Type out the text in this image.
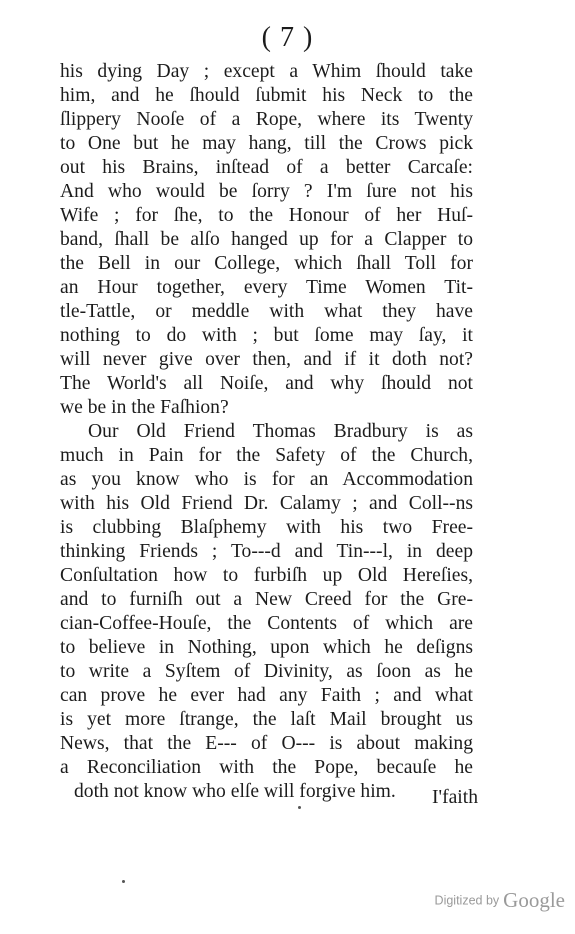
( 7 )
his dying Day ; except a Whim ſhould take
him, and he ſhould ſubmit his Neck to the
ſlippery Nooſe of a Rope, where its Twenty
to One but he may hang, till the Crows pick
out his Brains, inſtead of a better Carcaſe:
And who would be ſorry ? I'm ſure not his
Wife ; for ſhe, to the Honour of her Huſ-
band, ſhall be alſo hanged up for a Clapper to
the Bell in our College, which ſhall Toll for
an Hour together, every Time Women Tit-
tle-Tattle, or meddle with what they have
nothing to do with ; but ſome may ſay, it
will never give over then, and if it doth not?
The World's all Noiſe, and why ſhould not
we be in the Faſhion?
Our Old Friend Thomas Bradbury is as
much in Pain for the Safety of the Church,
as you know who is for an Accommodation
with his Old Friend Dr. Calamy ; and Coll--ns
is clubbing Blaſphemy with his two Free-
thinking Friends ; To---d and Tin---l, in deep
Conſultation how to furbiſh up Old Hereſies,
and to furniſh out a New Creed for the Gre-
cian-Coffee-Houſe, the Contents of which are
to believe in Nothing, upon which he deſigns
to write a Syſtem of Divinity, as ſoon as he
can prove he ever had any Faith ; and what
is yet more ſtrange, the laſt Mail brought us
News, that the E--- of O--- is about making
a Reconciliation with the Pope, becauſe he
doth not know who elſe will forgive him.	I'faith
Digitized by Google
